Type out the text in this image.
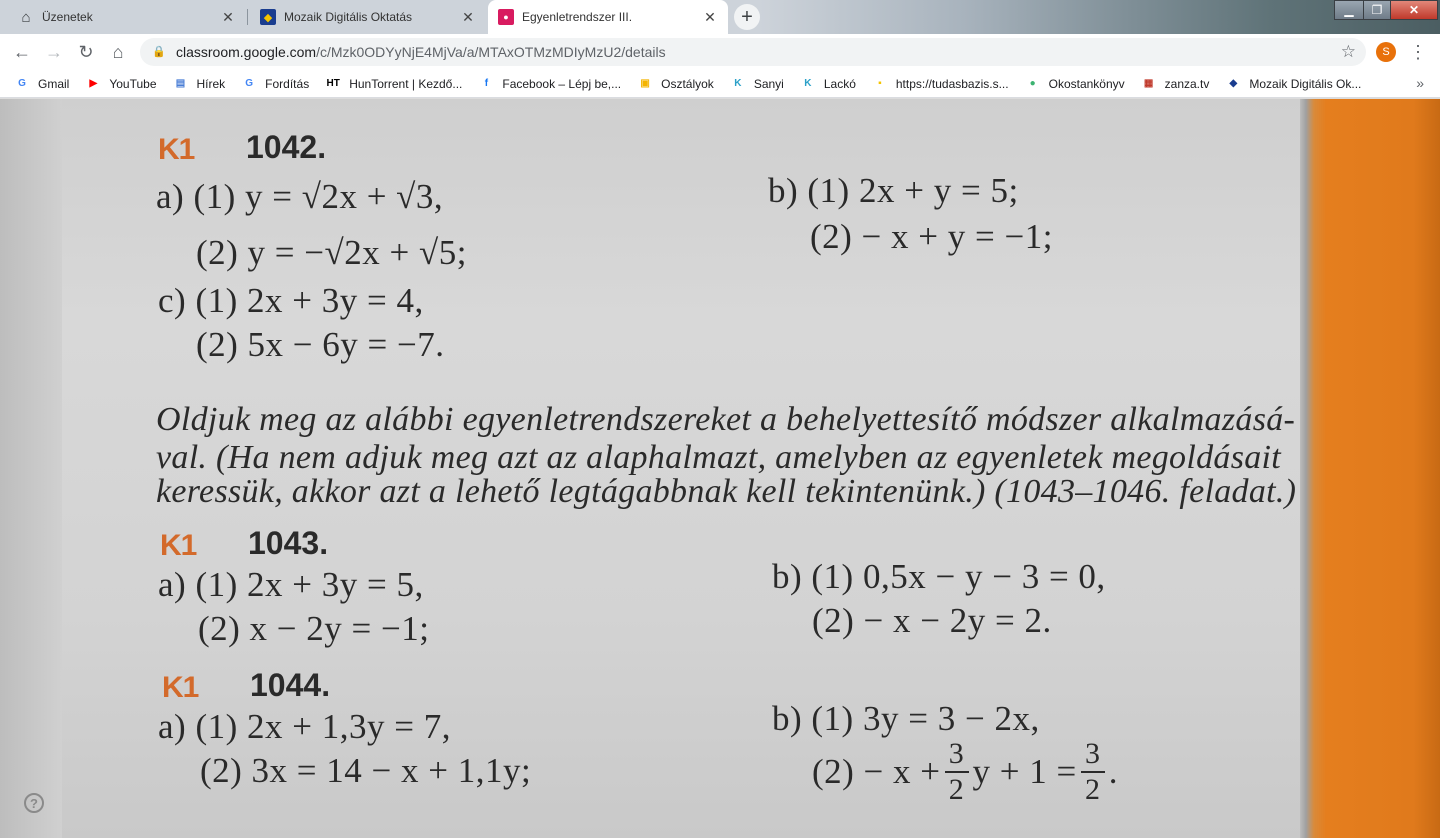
⌂ Üzenetek	✕	◆ Mozaik Digitális Oktatás	✕	●	Egyenletrendszer III.	✕	+	▁	❐	✕
← → ↻	⌂	🔒 classroom.google.com /c/Mzk0ODYyNjE4MjVa/a/MTAxOTMzMDIyMzU2/details	☆	S	⋮
G	Gmail	▶	YouTube	▤ Hírek	G	Fordítás HT HunTorrent | Kezdő...	f	Facebook – Lépj be,...	▣ Osztályok	K	Sanyi	K	Lackó	▪	https://tudasbazis.s...	●	Okostankönyv	▦ zanza.tv	◆	Mozaik Digitális Ok...	»
K1 1042.
a) (1) y = √2x + √3,
(2) y = −√2x + √5;
b) (1) 2x + y = 5;
(2) − x + y = −1;
c) (1) 2x + 3y = 4,
(2) 5x − 6y = −7.
Oldjuk meg az alábbi egyenletrendszereket a behelyettesítő módszer alkalmazásá-
val. (Ha nem adjuk meg azt az alaphalmazt, amelyben az egyenletek megoldásait
keressük, akkor azt a lehető legtágabbnak kell tekintenünk.) (1043–1046. feladat.)
K1 1043.
a) (1) 2x + 3y = 5,
(2) x − 2y = −1;
b) (1) 0,5x − y − 3 = 0,
(2) − x − 2y = 2.
K1 1044.
a) (1) 2x + 1,3y = 7,
(2) 3x = 14 − x + 1,1y;
b) (1) 3y = 3 − 2x,
$(2) - x + \frac{3}{2}$ $y + 1 = \frac{3}{2}$ .
?
